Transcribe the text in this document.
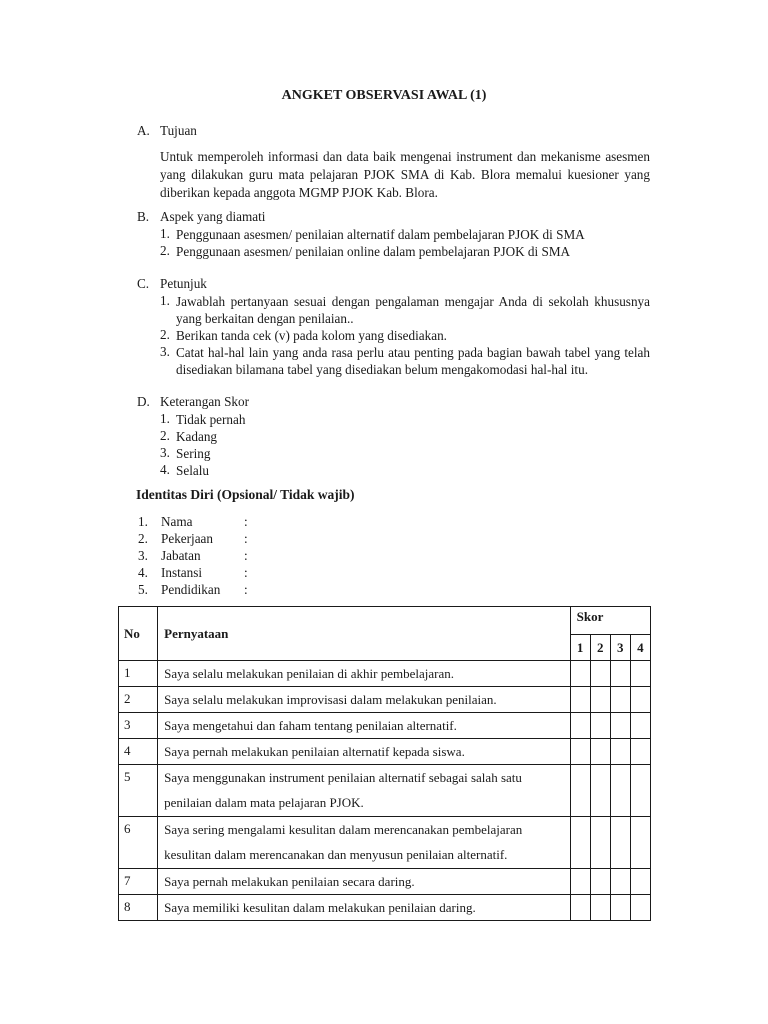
ANGKET OBSERVASI AWAL (1)
A. Tujuan
Untuk memperoleh informasi dan data baik mengenai instrument dan mekanisme asesmen yang dilakukan guru mata pelajaran PJOK SMA di Kab. Blora memalui kuesioner yang diberikan kepada anggota MGMP PJOK Kab. Blora.
B. Aspek yang diamati
1. Penggunaan asesmen/ penilaian alternatif dalam pembelajaran PJOK di SMA
2. Penggunaan asesmen/ penilaian online dalam pembelajaran PJOK di SMA
C. Petunjuk
1. Jawablah pertanyaan sesuai dengan pengalaman mengajar Anda di sekolah khususnya yang berkaitan dengan penilaian..
2. Berikan tanda cek (v) pada kolom yang disediakan.
3. Catat hal-hal lain yang anda rasa perlu atau penting pada bagian bawah tabel yang telah disediakan bilamana tabel yang disediakan belum mengakomodasi hal-hal itu.
D. Keterangan Skor
1. Tidak pernah
2. Kadang
3. Sering
4. Selalu
Identitas Diri (Opsional/ Tidak wajib)
1. Nama	:
2. Pekerjaan :
3. Jabatan	:
4. Instansi	:
5. Pendidikan :
No	Pernyataan	Skor			
		1	2	3	4
1	Saya selalu melakukan penilaian di akhir pembelajaran.				

2	Saya selalu melakukan improvisasi dalam melakukan penilaian.				

3	Saya mengetahui dan faham tentang penilaian alternatif.				

4	Saya pernah melakukan penilaian alternatif kepada siswa.				

5	Saya menggunakan instrument penilaian alternatif sebagai salah satu
penilaian dalam mata pelajaran PJOK.				

6	Saya sering mengalami kesulitan dalam merencanakan pembelajaran
kesulitan dalam merencanakan dan menyusun penilaian alternatif.				

7	Saya pernah melakukan penilaian secara daring.				

8	Saya memiliki kesulitan dalam melakukan penilaian daring.				
